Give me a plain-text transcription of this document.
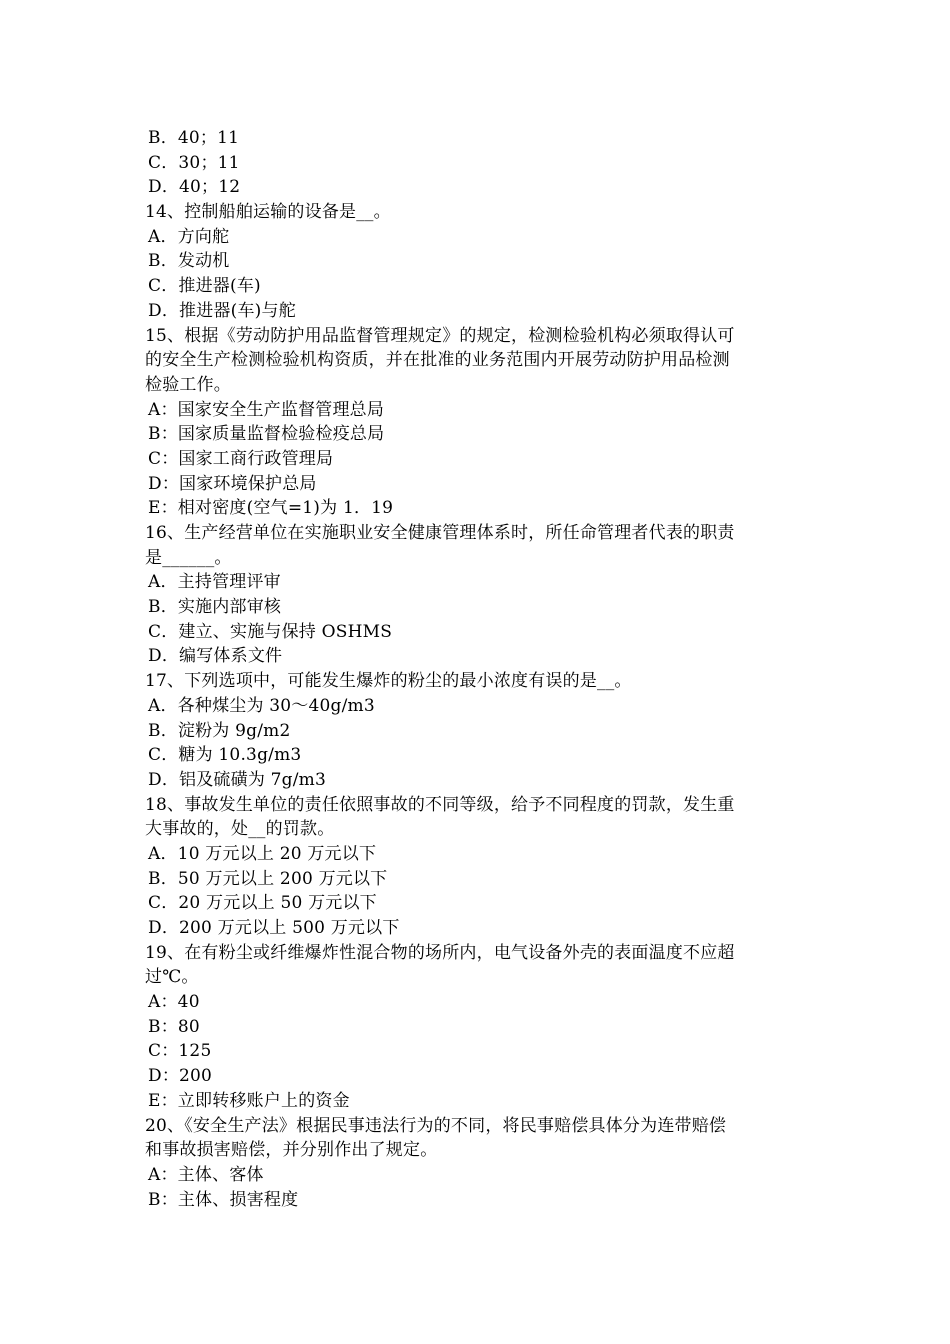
B．40；11
C．30；11
D．40；12
14、控制船舶运输的设备是__。
A．方向舵
B．发动机
C．推进器(车)
D．推进器(车)与舵
15、根据《劳动防护用品监督管理规定》的规定，检测检验机构必须取得认可
的安全生产检测检验机构资质，并在批准的业务范围内开展劳动防护用品检测
检验工作。
A：国家安全生产监督管理总局
B：国家质量监督检验检疫总局
C：国家工商行政管理局
D：国家环境保护总局
E：相对密度(空气=1)为 1．19
16、生产经营单位在实施职业安全健康管理体系时，所任命管理者代表的职责
是______。
A．主持管理评审
B．实施内部审核
C．建立、实施与保持 OSHMS
D．编写体系文件
17、下列选项中，可能发生爆炸的粉尘的最小浓度有误的是__。
A．各种煤尘为 30～40g/m3
B．淀粉为 9g/m2
C．糖为 10.3g/m3
D．铝及硫磺为 7g/m3
18、事故发生单位的责任依照事故的不同等级，给予不同程度的罚款，发生重
大事故的，处__的罚款。
A．10 万元以上 20 万元以下
B．50 万元以上 200 万元以下
C．20 万元以上 50 万元以下
D．200 万元以上 500 万元以下
19、在有粉尘或纤维爆炸性混合物的场所内，电气设备外壳的表面温度不应超
过℃。
A：40
B：80
C：125
D：200
E：立即转移账户上的资金
20、《安全生产法》根据民事违法行为的不同，将民事赔偿具体分为连带赔偿
和事故损害赔偿，并分别作出了规定。
A：主体、客体
B：主体、损害程度
